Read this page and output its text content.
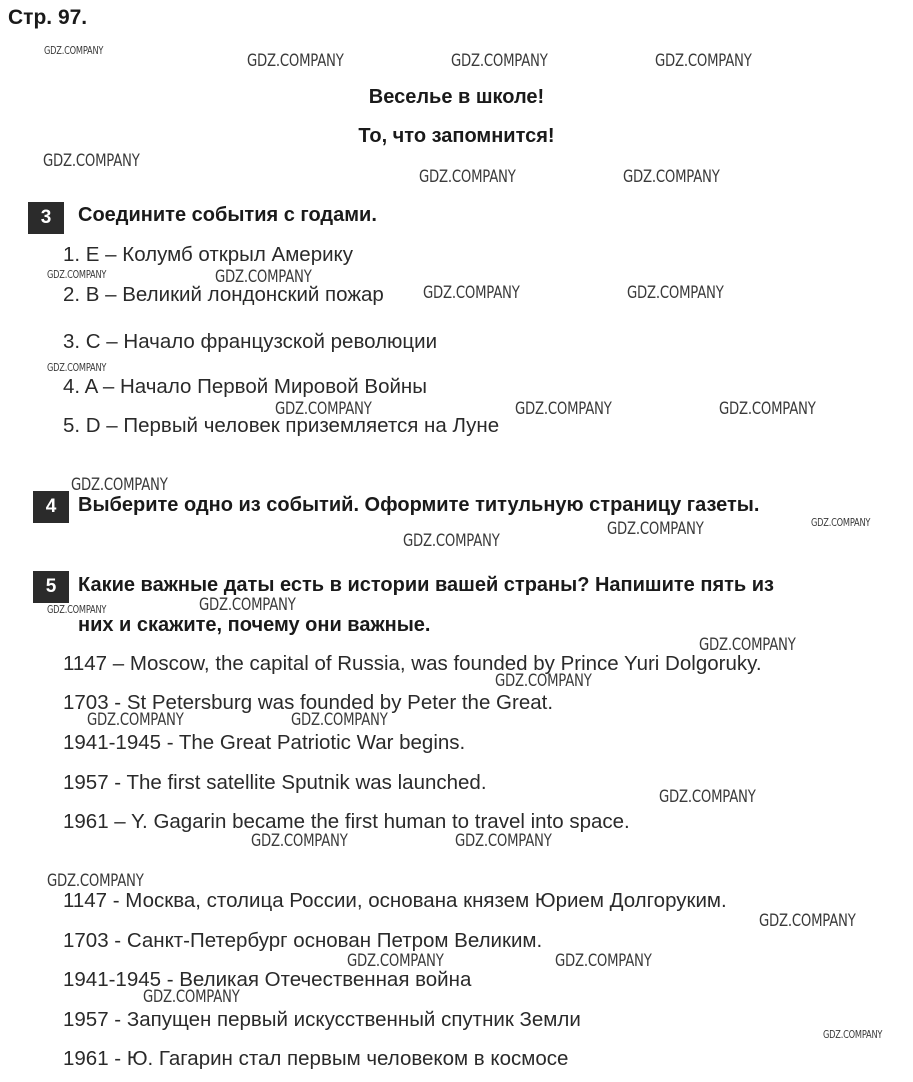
Стр. 97.
Веселье в школе!
То, что запомнится!
3	Соедините события с годами.
1. E – Колумб открыл Америку
2. B – Великий лондонский пожар
3. C – Начало французской революции
4. A – Начало Первой Мировой Войны
5. D – Первый человек приземляется на Луне
4	Выберите одно из событий. Оформите титульную страницу газеты.
5	Какие важные даты есть в истории вашей страны? Напишите пять из
них и скажите, почему они важные.
1147 – Moscow, the capital of Russia, was founded by Prince Yuri Dolgoruky.
1703 - St Petersburg was founded by Peter the Great.
1941-1945 - The Great Patriotic War begins.
1957 - The first satellite Sputnik was launched.
1961 – Y. Gagarin became the first human to travel into space.
1147 - Москва, столица России, основана князем Юрием Долгоруким.
1703 - Санкт-Петербург основан Петром Великим.
1941-1945 - Великая Отечественная война
1957 - Запущен первый искусственный спутник Земли
1961 - Ю. Гагарин стал первым человеком в космосе
GDZ.COMPANY
GDZ.COMPANY	GDZ.COMPANY	GDZ.COMPANY
GDZ.COMPANY
GDZ.COMPANY	GDZ.COMPANY
GDZ.COMPANY	GDZ.COMPANY
GDZ.COMPANY	GDZ.COMPANY
GDZ.COMPANY
GDZ.COMPANY	GDZ.COMPANY	GDZ.COMPANY
GDZ.COMPANY
GDZ.COMPANY	GDZ.COMPANY
GDZ.COMPANY
GDZ.COMPANY
GDZ.COMPANY
GDZ.COMPANY
GDZ.COMPANY
GDZ.COMPANY	GDZ.COMPANY
GDZ.COMPANY
GDZ.COMPANY	GDZ.COMPANY
GDZ.COMPANY
GDZ.COMPANY
GDZ.COMPANY	GDZ.COMPANY
GDZ.COMPANY
GDZ.COMPANY
